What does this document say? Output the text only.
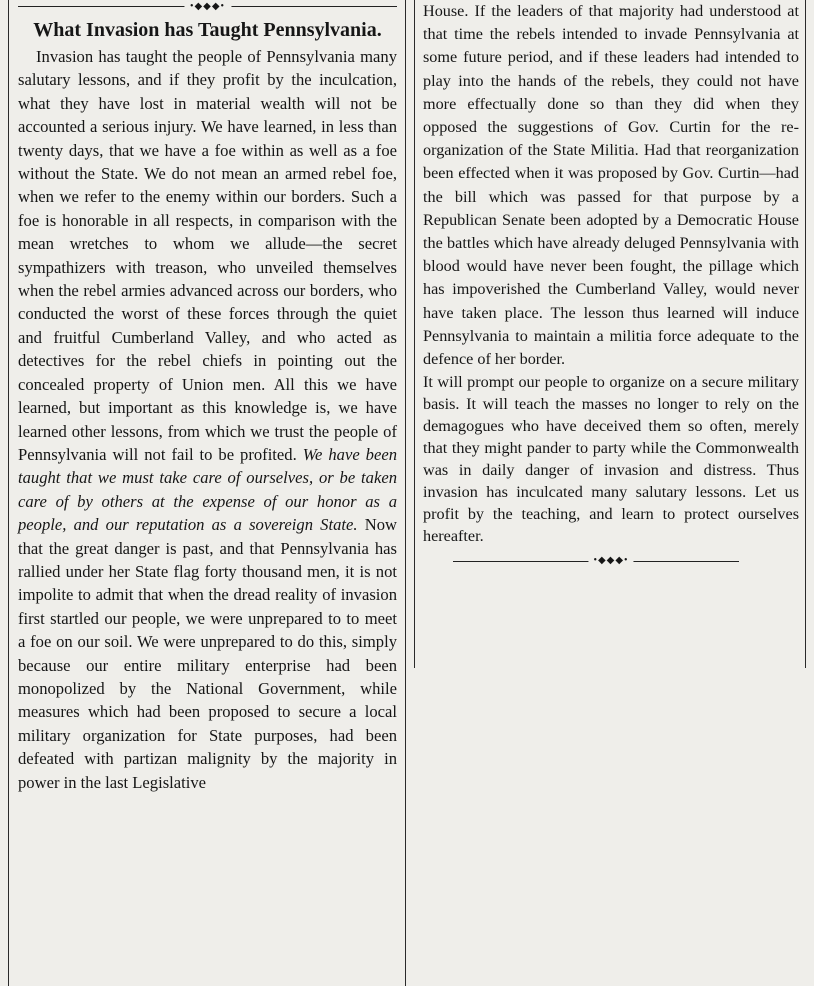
•◆◆◆•
What Invasion has Taught Pennsylvania.

Invasion has taught the people of Pennsylvania many salutary lessons, and if they profit by the inculcation, what they have lost in material wealth will not be accounted a serious injury. We have learned, in less than twenty days, that we have a foe within as well as a foe without the State. We do not mean an armed rebel foe, when we refer to the enemy within our borders. Such a foe is honorable in all respects, in comparison with the mean wretches to whom we allude—the secret sympathizers with treason, who unveiled themselves when the rebel armies advanced across our borders, who conducted the worst of these forces through the quiet and fruitful Cumberland Valley, and who acted as detectives for the rebel chiefs in pointing out the concealed property of Union men. All this we have learned, but important as this knowledge is, we have learned other lessons, from which we trust the people of Pennsylvania will not fail to be profited. We have been taught that we must take care of ourselves, or be taken care of by others at the expense of our honor as a people, and our reputation as a sovereign State. Now that the great danger is past, and that Pennsylvania has rallied under her State flag forty thousand men, it is not impolite to admit that when the dread reality of invasion first startled our people, we were unprepared to to meet a foe on our soil. We were unprepared to do this, simply because our entire military enterprise had been monopolized by the National Government, while measures which had been proposed to secure a local military organization for State purposes, had been defeated with partizan malignity by the majority in power in the last Legislative

House. If the leaders of that majority had understood at that time the rebels intended to invade Pennsylvania at some future period, and if these leaders had intended to play into the hands of the rebels, they could not have more effectually done so than they did when they opposed the suggestions of Gov. Curtin for the re-organization of the State Militia. Had that reorganization been effected when it was proposed by Gov. Curtin—had the bill which was passed for that purpose by a Republican Senate been adopted by a Democratic House the battles which have already deluged Pennsylvania with blood would have never been fought, the pillage which has impoverished the Cumberland Valley, would never have taken place. The lesson thus learned will induce Pennsylvania to maintain a militia force adequate to the defence of her border.

It will prompt our people to organize on a secure military basis. It will teach the masses no longer to rely on the demagogues who have deceived them so often, merely that they might pander to party while the Commonwealth was in daily danger of invasion and distress. Thus invasion has inculcated many salutary lessons. Let us profit by the teaching, and learn to protect ourselves hereafter.

•◆◆◆•
